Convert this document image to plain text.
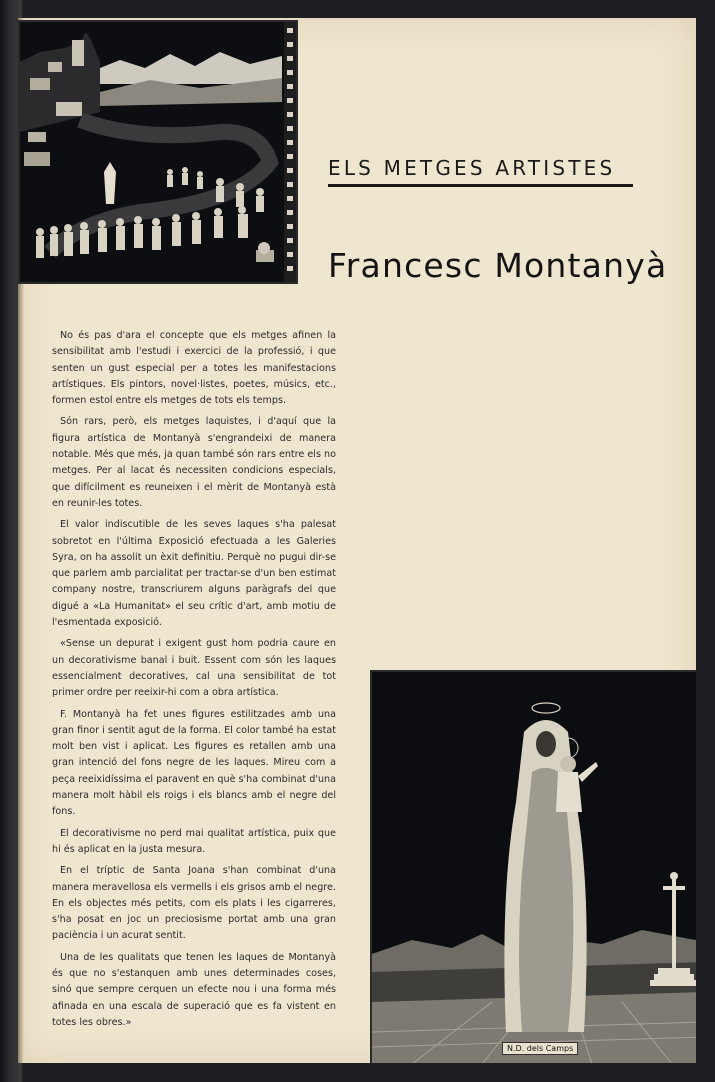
ELS METGES ARTISTES
Francesc Montanyà

No és pas d'ara el concepte que els metges afinen la sensibilitat amb l'estudi i exercici de la professió, i que senten un gust especial per a totes les manifestacions artístiques. Els pintors, novel·listes, poetes, músics, etc., formen estol entre els metges de tots els temps.

Són rars, però, els metges laquistes, i d'aquí que la figura artística de Montanyà s'engrandeixi de manera notable. Més que més, ja quan també són rars entre els no metges. Per al lacat és necessiten condicions especials, que difícilment es reuneixen i el mèrit de Montanyà està en reunir-les totes.

El valor indiscutible de les seves laques s'ha palesat sobretot en l'última Exposició efectuada a les Galeries Syra, on ha assolit un èxit definitiu. Perquè no pugui dir-se que parlem amb parcialitat per tractar-se d'un ben estimat company nostre, transcriurem alguns paràgrafs del que digué a «La Humanitat» el seu crític d'art, amb motiu de l'esmentada exposició.

«Sense un depurat i exigent gust hom podria caure en un decorativisme banal i buit. Essent com són les laques essencialment decoratives, cal una sensibilitat de tot primer ordre per reeixir-hi com a obra artística.

F. Montanyà ha fet unes figures estilitzades amb una gran finor i sentit agut de la forma. El color també ha estat molt ben vist i aplicat. Les figures es retallen amb una gran intenció del fons negre de les laques. Mireu com a peça reeixidíssima el paravent en què s'ha combinat d'una manera molt hàbil els roigs i els blancs amb el negre del fons.

El decorativisme no perd mai qualitat artística, puix que hi és aplicat en la justa mesura.

En el tríptic de Santa Joana s'han combinat d'una manera meravellosa els vermells i els grisos amb el negre. En els objectes més petits, com els plats i les cigarreres, s'ha posat en joc un preciosisme portat amb una gran paciència i un acurat sentit.

Una de les qualitats que tenen les laques de Montanyà és que no s'estanquen amb unes determinades coses, sinó que sempre cerquen un efecte nou i una forma més afinada en una escala de superació que es fa vistent en totes les obres.»

N.D. dels Camps
